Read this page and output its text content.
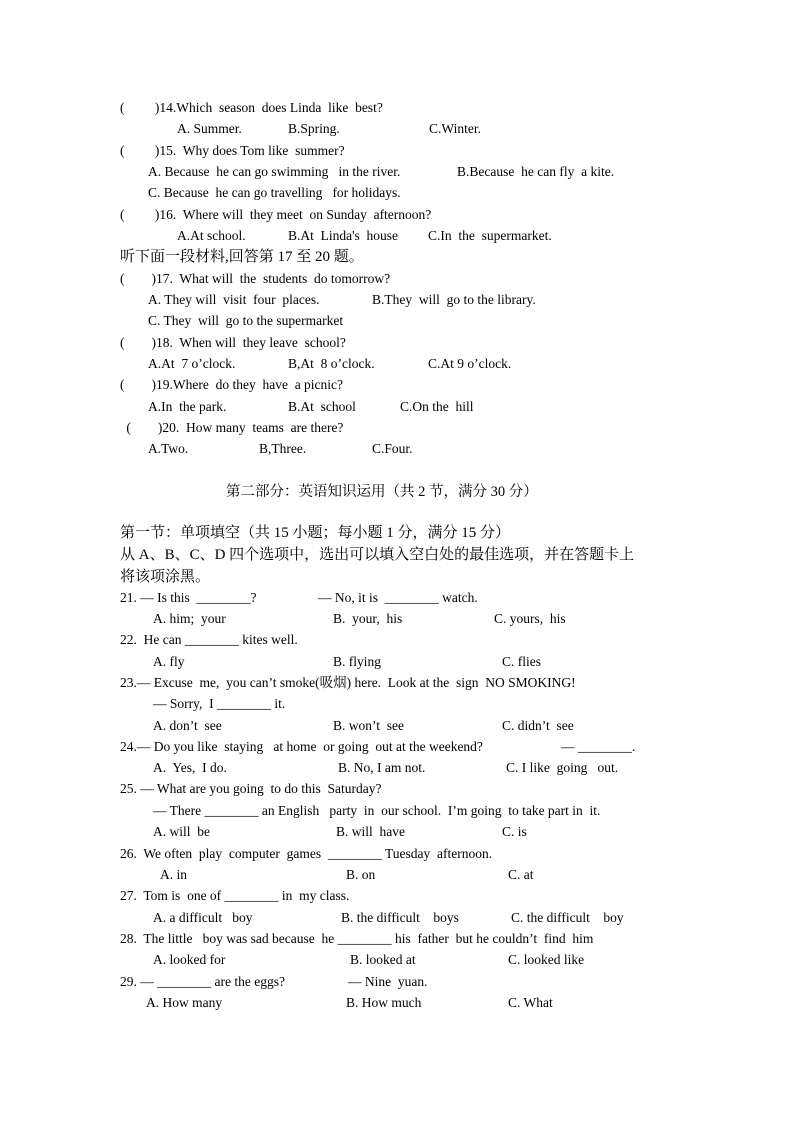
(         )14.Which  season  does Linda  like  best?
A. Summer.	B.Spring.	C.Winter.
(         )15.  Why does Tom like  summer?
A. Because  he can go swimming   in the river.	B.Because  he can fly  a kite.
C. Because  he can go travelling   for holidays.
(         )16.  Where will  they meet  on Sunday  afternoon?
A.At school.	B.At  Linda's  house C.In  the  supermarket.
听下面一段材料,回答第 17 至 20 题。
(        )17.  What will  the  students  do tomorrow?
A. They will  visit  four  places.	B.They  will  go to the library.
C. They  will  go to the supermarket
(        )18.  When will  they leave  school?
A.At  7 o’clock.	B,At  8 o’clock.	C.At 9 o’clock.
(        )19.Where  do they  have  a picnic?
A.In  the park.	B.At  school	C.On the  hill
(        )20.  How many  teams  are there?
A.Two.	B,Three.	C.Four.
第二部分：英语知识运用（共 2 节，满分 30 分）
第一节：单项填空（共 15 小题；每小题 1 分，满分 15 分）
从 A、B、C、D 四个选项中，选出可以填入空白处的最佳选项，并在答题卡上
将该项涂黑。
21. — Is this  ________?	— No, it is  ________ watch.
A. him;  your	B.  your,  his	C. yours,  his
22.  He can ________ kites well.
A. fly	B. flying	C. flies
23.— Excuse  me,  you can’t smoke(吸烟) here.  Look at the  sign  NO SMOKING!
— Sorry,  I ________ it.
A. don’t  see	B. won’t  see	C. didn’t  see
24.— Do you like  staying   at home  or going  out at the weekend?	— ________.
A.  Yes,  I do.	B. No, I am not.	C. I like  going   out.
25. — What are you going  to do this  Saturday?
— There ________ an English   party  in  our school.  I’m going  to take part in  it.
A. will  be	B. will  have	C. is
26.  We often  play  computer  games  ________ Tuesday  afternoon.
A. in	B. on	C. at
27.  Tom is  one of ________ in  my class.
A. a difficult   boy	B. the difficult    boys	C. the difficult    boy
28.  The little   boy was sad because  he ________ his  father  but he couldn’t  find  him
A. looked for	B. looked at	C. looked like
29. — ________ are the eggs?	— Nine  yuan.
A. How many	B. How much	C. What
